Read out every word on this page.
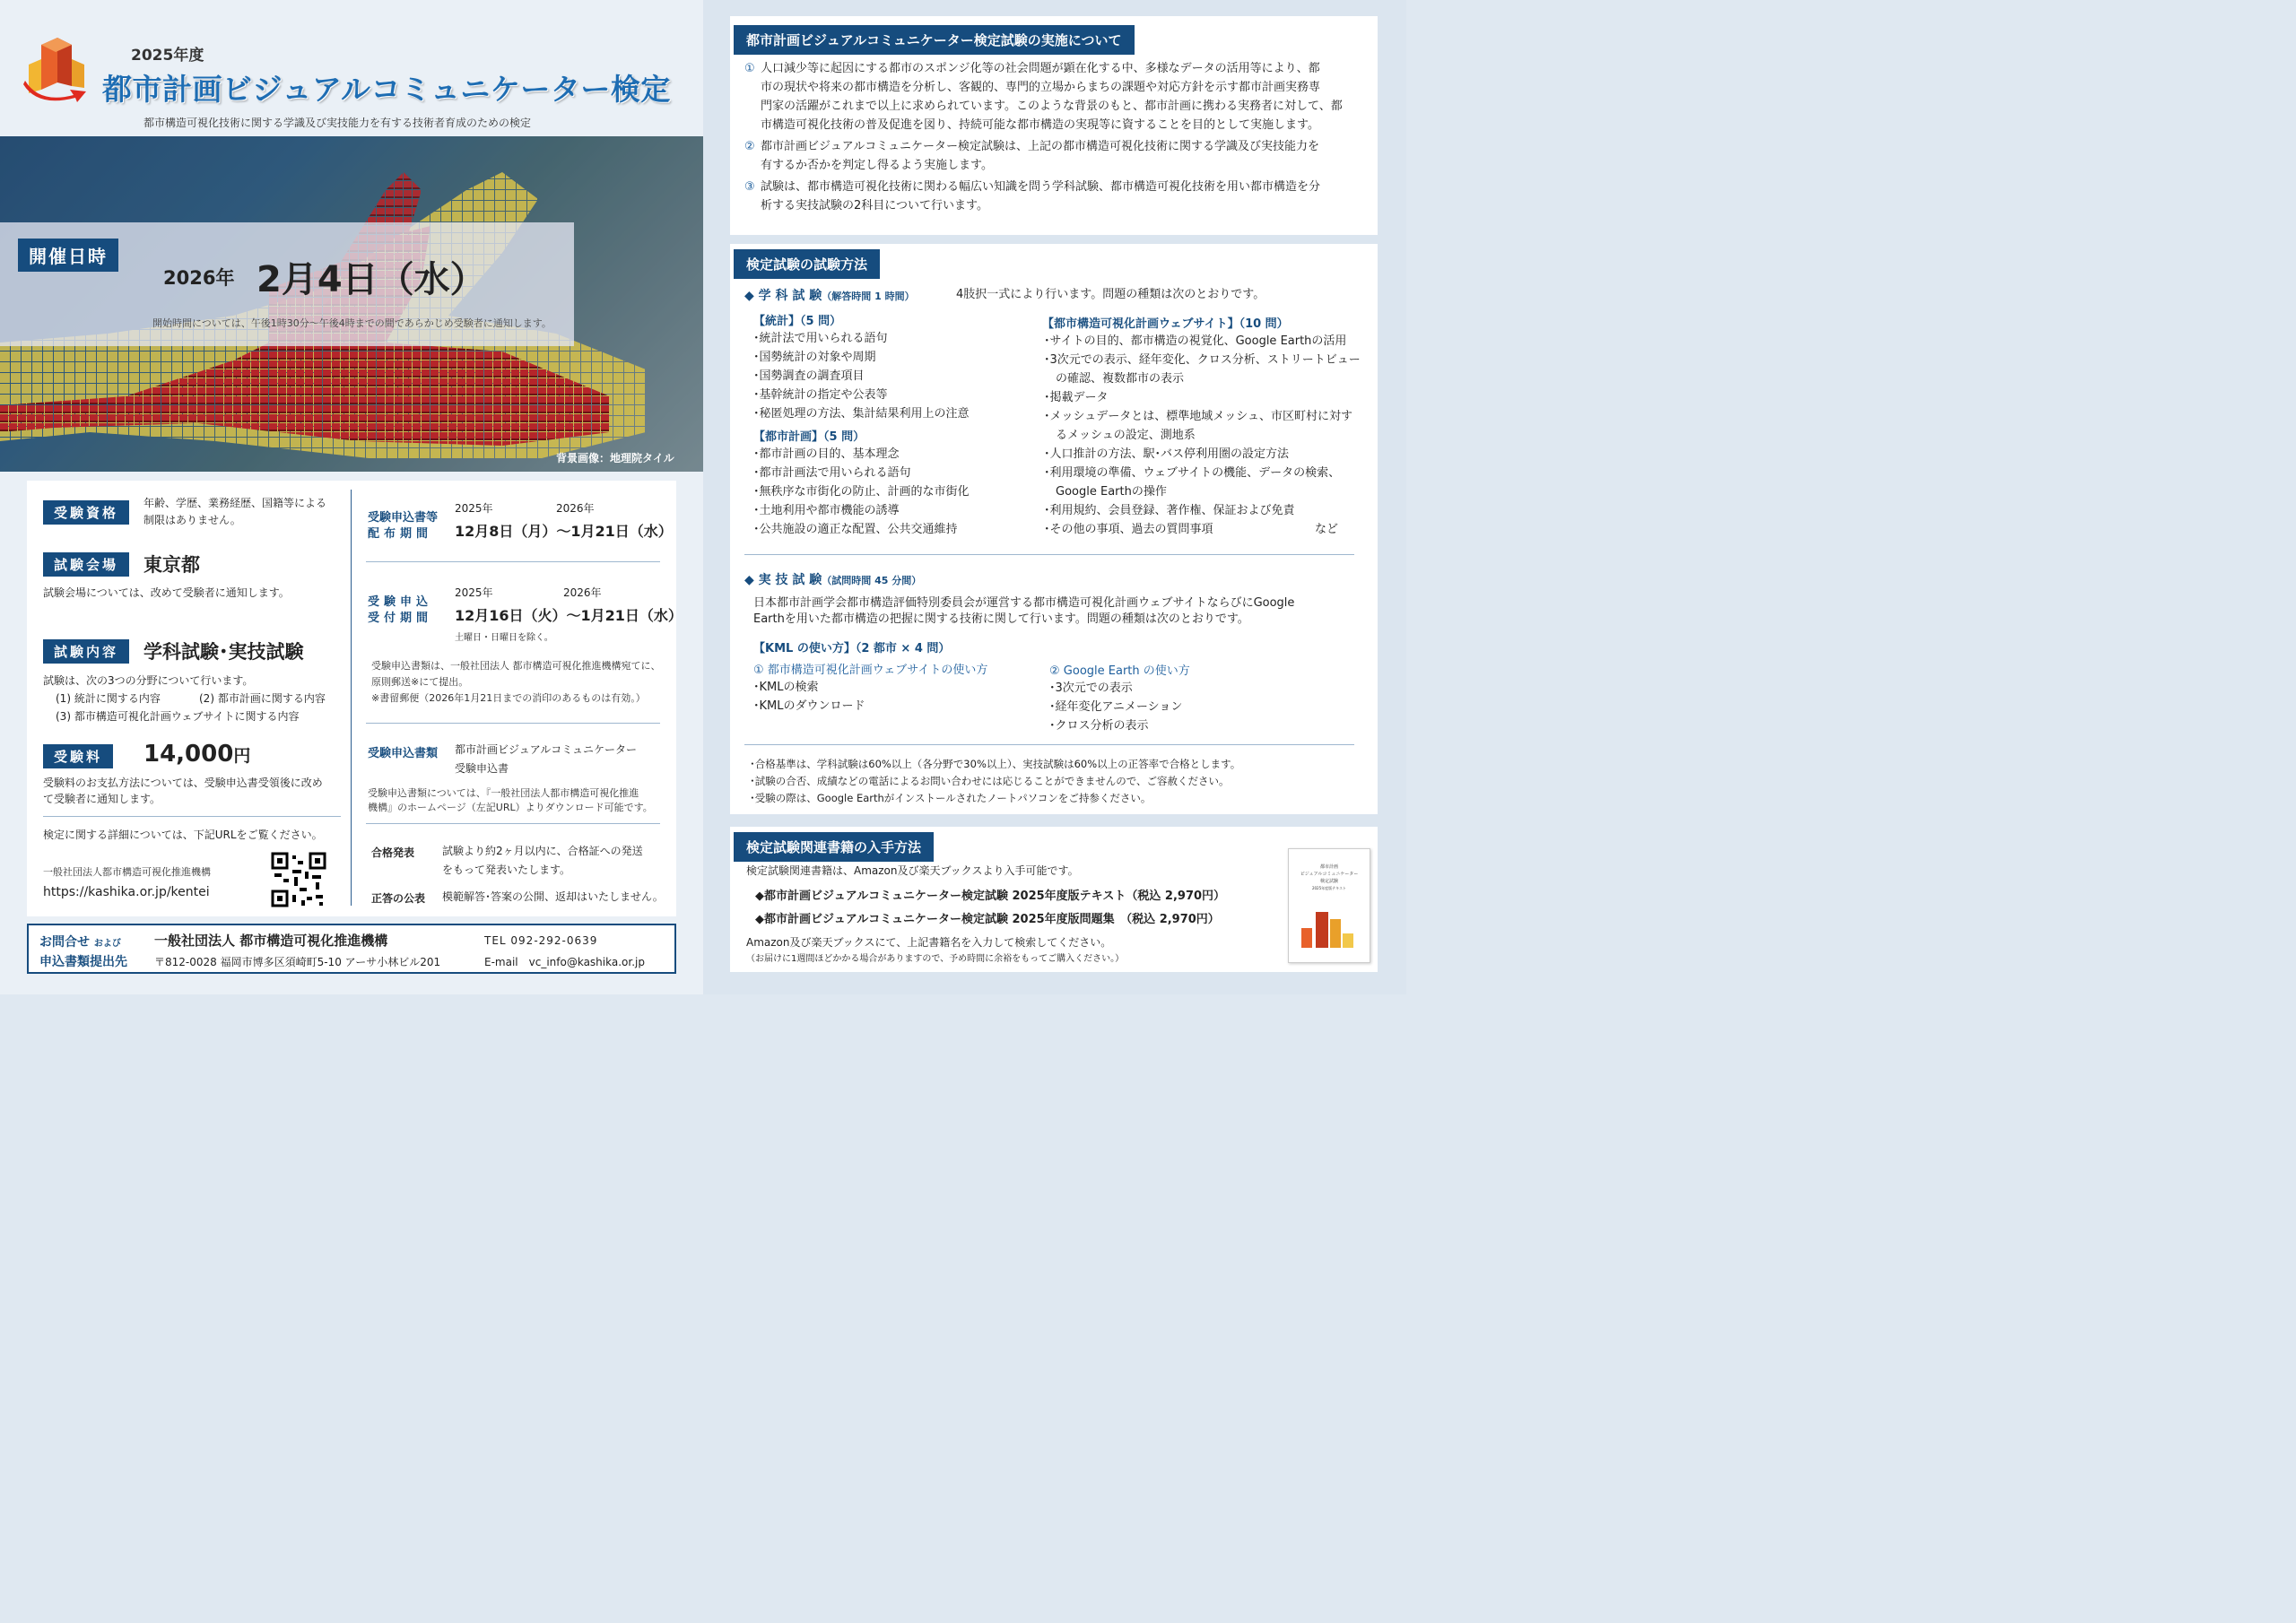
2025年度
都市計画ビジュアルコミュニケーター検定
都市構造可視化技術に関する学識及び実技能力を有する技術者育成のための検定
開催日時
2026年 2月4日（水）
開始時間については、午後1時30分～午後4時までの間であらかじめ受験者に通知します。
背景画像：地理院タイル
受験資格
年齢、学歴、業務経歴、国籍等による
制限はありません。
試験会場	東京都
試験会場については、改めて受験者に通知します。
試験内容	学科試験･実技試験
試験は、次の3つの分野について行います。
(1) 統計に関する内容	(2) 都市計画に関する内容
(3) 都市構造可視化計画ウェブサイトに関する内容
受験料	14,000円
受験料のお支払方法については、受験申込書受領後に改め
て受験者に通知します。
検定に関する詳細については、下記URLをご覧ください。
一般社団法人都市構造可視化推進機構
https://kashika.or.jp/kentei
受験申込書等
配布期間
2025年	2026年
12月8日（月）～1月21日（水）
受験申込
受付期間
2025年	2026年
12月16日（火）～1月21日（水）
土曜日・日曜日を除く。
受験申込書類は、一般社団法人 都市構造可視化推進機構宛てに、
原則郵送※にて提出。
※書留郵便（2026年1月21日までの消印のあるものは有効。）
受験申込書類 都市計画ビジュアルコミュニケーター
受験申込書
受験申込書類については、『一般社団法人都市構造可視化推進
機構』のホームページ（左記URL）よりダウンロード可能です。
合格発表	試験より約2ヶ月以内に、合格証への発送
をもって発表いたします。
正答の公表 模範解答･答案の公開、返却はいたしません。
お問合せ および
申込書類提出先
一般社団法人 都市構造可視化推進機構
〒812-0028 福岡市博多区須崎町5-10 アーサ小林ビル201
TEL 092-292-0639
E-mail　vc_info@kashika.or.jp
都市計画ビジュアルコミュニケーター検定試験の実施について
① 人口減少等に起因にする都市のスポンジ化等の社会問題が顕在化する中、多様なデータの活用等により、都
市の現状や将来の都市構造を分析し、客観的、専門的立場からまちの課題や対応方針を示す都市計画実務専
門家の活躍がこれまで以上に求められています。このような背景のもと、都市計画に携わる実務者に対して、都
市構造可視化技術の普及促進を図り、持続可能な都市構造の実現等に資することを目的として実施します。
② 都市計画ビジュアルコミュニケーター検定試験は、上記の都市構造可視化技術に関する学識及び実技能力を
有するか否かを判定し得るよう実施します。
③ 試験は、都市構造可視化技術に関わる幅広い知識を問う学科試験、都市構造可視化技術を用い都市構造を分
析する実技試験の2科目について行います。
検定試験の試験方法
◆ 学 科 試 験（解答時間 1 時間）	4肢択一式により行います。問題の種類は次のとおりです。
【統計】（5 問）
･統計法で用いられる語句
･国勢統計の対象や周期
･国勢調査の調査項目
･基幹統計の指定や公表等
･秘匿処理の方法、集計結果利用上の注意
【都市計画】（5 問）
･都市計画の目的、基本理念
･都市計画法で用いられる語句
･無秩序な市街化の防止、計画的な市街化
･土地利用や都市機能の誘導
･公共施設の適正な配置、公共交通維持
【都市構造可視化計画ウェブサイト】（10 問）
･サイトの目的、都市構造の視覚化、Google Earthの活用
･3次元での表示、経年変化、クロス分析、ストリートビュー
　の確認、複数都市の表示
･掲載データ
･メッシュデータとは、標準地域メッシュ、市区町村に対す
　るメッシュの設定、測地系
･人口推計の方法、駅･バス停利用圏の設定方法
･利用環境の準備、ウェブサイトの機能、データの検索、
　Google Earthの操作
･利用規約、会員登録、著作権、保証および免責
･その他の事項、過去の質問事項	など
◆ 実 技 試 験（試問時間 45 分間）
日本都市計画学会都市構造評価特別委員会が運営する都市構造可視化計画ウェブサイトならびにGoogle
Earthを用いた都市構造の把握に関する技術に関して行います。問題の種類は次のとおりです。
【KML の使い方】（2 都市 × 4 問）
① 都市構造可視化計画ウェブサイトの使い方
･KMLの検索
･KMLのダウンロード
② Google Earth の使い方
･3次元での表示
･経年変化アニメーション
･クロス分析の表示
･合格基準は、学科試験は60%以上（各分野で30%以上）、実技試験は60%以上の正答率で合格とします。
･試験の合否、成績などの電話によるお問い合わせには応じることができませんので、ご容赦ください。
･受験の際は、Google Earthがインストールされたノートパソコンをご持参ください。
検定試験関連書籍の入手方法
検定試験関連書籍は、Amazon及び楽天ブックスより入手可能です。
◆都市計画ビジュアルコミュニケーター検定試験 2025年度版テキスト（税込 2,970円）
◆都市計画ビジュアルコミュニケーター検定試験 2025年度版問題集　（税込 2,970円）
Amazon及び楽天ブックスにて、上記書籍名を入力して検索してください。
（お届けに1週間ほどかかる場合がありますので、予め時間に余裕をもってご購入ください。）
都市計画
ビジュアルコミュニケーター
検定試験
2025年度版テキスト
